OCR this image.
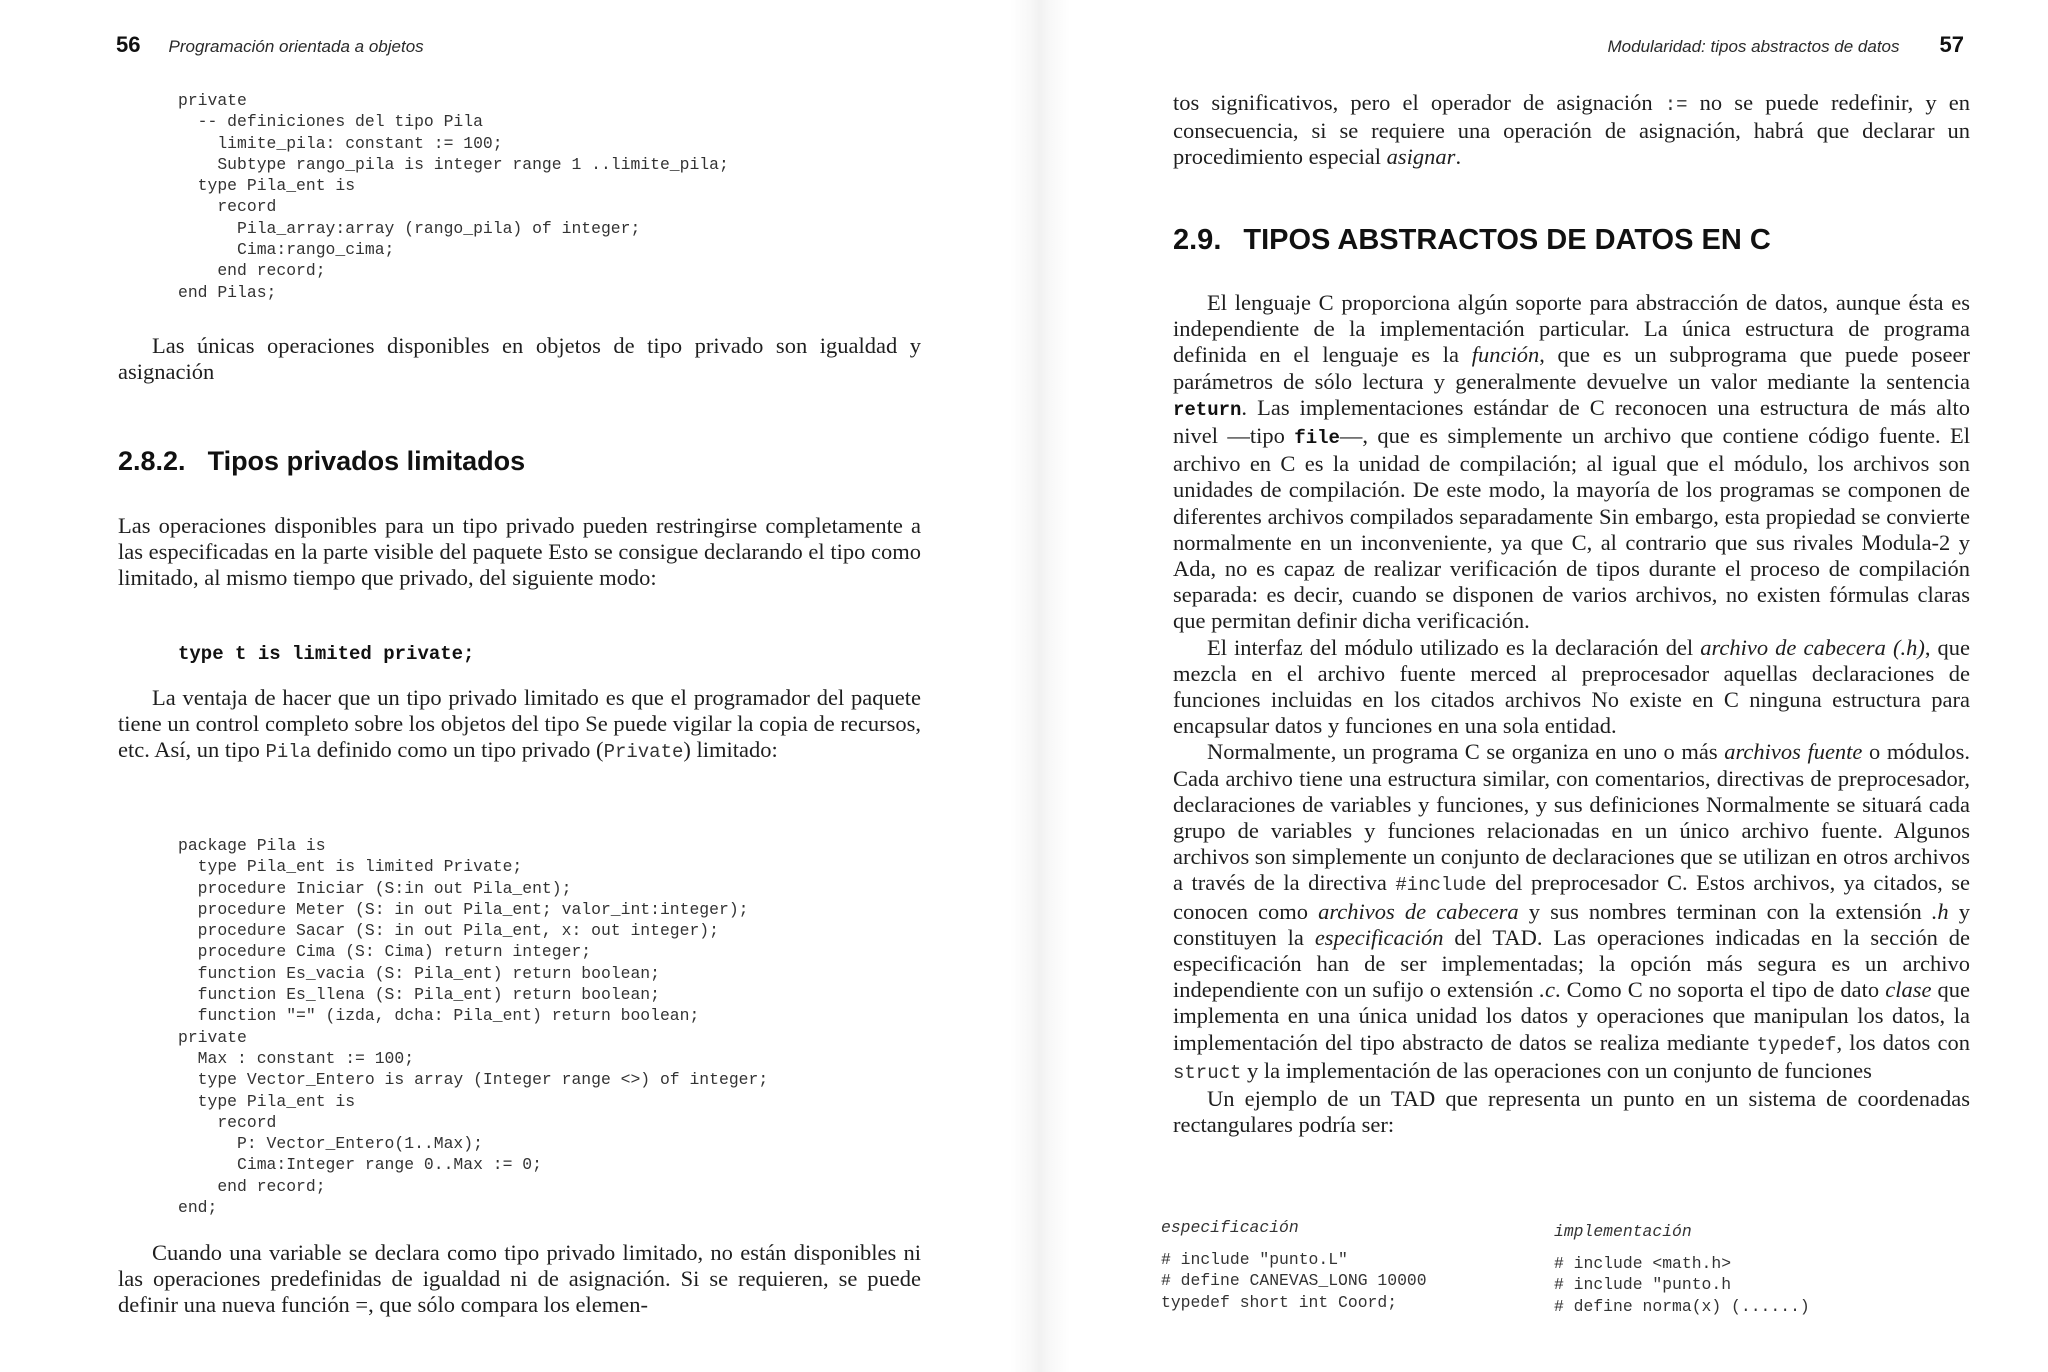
56 Programación orientada a objetos
private
-- definiciones del tipo Pila
limite_pila: constant := 100;
Subtype rango_pila is integer range 1 ..limite_pila;
type Pila_ent is
record
Pila_array:array (rango_pila) of integer;
Cima:rango_cima;
end record;
end Pilas;

Las únicas operaciones disponibles en objetos de tipo privado son igualdad y asignación

2.8.2. Tipos privados limitados

Las operaciones disponibles para un tipo privado pueden restringirse completamente a las especificadas en la parte visible del paquete Esto se consigue declarando el tipo como limitado, al mismo tiempo que privado, del siguiente modo:

type t is limited private;

La ventaja de hacer que un tipo privado limitado es que el programador del paquete tiene un control completo sobre los objetos del tipo Se puede vigilar la copia de recursos, etc. Así, un tipo Pila definido como un tipo privado (Private) limitado:

package Pila is
type Pila_ent is limited Private;
procedure Iniciar (S:in out Pila_ent);
procedure Meter (S: in out Pila_ent; valor_int:integer);
procedure Sacar (S: in out Pila_ent, x: out integer);
procedure Cima (S: Cima) return integer;
function Es_vacia (S: Pila_ent) return boolean;
function Es_llena (S: Pila_ent) return boolean;
function "=" (izda, dcha: Pila_ent) return boolean;
private
Max : constant := 100;
type Vector_Entero is array (Integer range <>) of integer;
type Pila_ent is
record
P: Vector_Entero(1..Max);
Cima:Integer range 0..Max := 0;
end record;
end;

Cuando una variable se declara como tipo privado limitado, no están disponibles ni las operaciones predefinidas de igualdad ni de asignación. Si se requieren, se puede definir una nueva función =, que sólo compara los elemen-

Modularidad: tipos abstractos de datos 57

tos significativos, pero el operador de asignación := no se puede redefinir, y en consecuencia, si se requiere una operación de asignación, habrá que declarar un procedimiento especial asignar.

2.9. TIPOS ABSTRACTOS DE DATOS EN C

El lenguaje C proporciona algún soporte para abstracción de datos, aunque ésta es independiente de la implementación particular. La única estructura de programa definida en el lenguaje es la función, que es un subprograma que puede poseer parámetros de sólo lectura y generalmente devuelve un valor mediante la sentencia return. Las implementaciones estándar de C reconocen una estructura de más alto nivel —tipo file—, que es simplemente un archivo que contiene código fuente. El archivo en C es la unidad de compilación; al igual que el módulo, los archivos son unidades de compilación. De este modo, la mayoría de los programas se componen de diferentes archivos compilados separadamente Sin embargo, esta propiedad se convierte normalmente en un inconveniente, ya que C, al contrario que sus rivales Modula-2 y Ada, no es capaz de realizar verificación de tipos durante el proceso de compilación separada: es decir, cuando se disponen de varios archivos, no existen fórmulas claras que permitan definir dicha verificación.

El interfaz del módulo utilizado es la declaración del archivo de cabecera (.h), que mezcla en el archivo fuente merced al preprocesador aquellas declaraciones de funciones incluidas en los citados archivos No existe en C ninguna estructura para encapsular datos y funciones en una sola entidad.

Normalmente, un programa C se organiza en uno o más archivos fuente o módulos. Cada archivo tiene una estructura similar, con comentarios, directivas de preprocesador, declaraciones de variables y funciones, y sus definiciones Normalmente se situará cada grupo de variables y funciones relacionadas en un único archivo fuente. Algunos archivos son simplemente un conjunto de declaraciones que se utilizan en otros archivos a través de la directiva #include del preprocesador C. Estos archivos, ya citados, se conocen como archivos de cabecera y sus nombres terminan con la extensión .h y constituyen la especificación del TAD. Las operaciones indicadas en la sección de especificación han de ser implementadas; la opción más segura es un archivo independiente con un sufijo o extensión .c. Como C no soporta el tipo de dato clase que implementa en una única unidad los datos y operaciones que manipulan los datos, la implementación del tipo abstracto de datos se realiza mediante typedef, los datos con struct y la implementación de las operaciones con un conjunto de funciones

Un ejemplo de un TAD que representa un punto en un sistema de coordenadas rectangulares podría ser:

especificación

# include "punto.L"
# define CANEVAS_LONG 10000
typedef short int Coord;

implementación

# include <math.h>
# include "punto.h
# define norma(x) (......)
